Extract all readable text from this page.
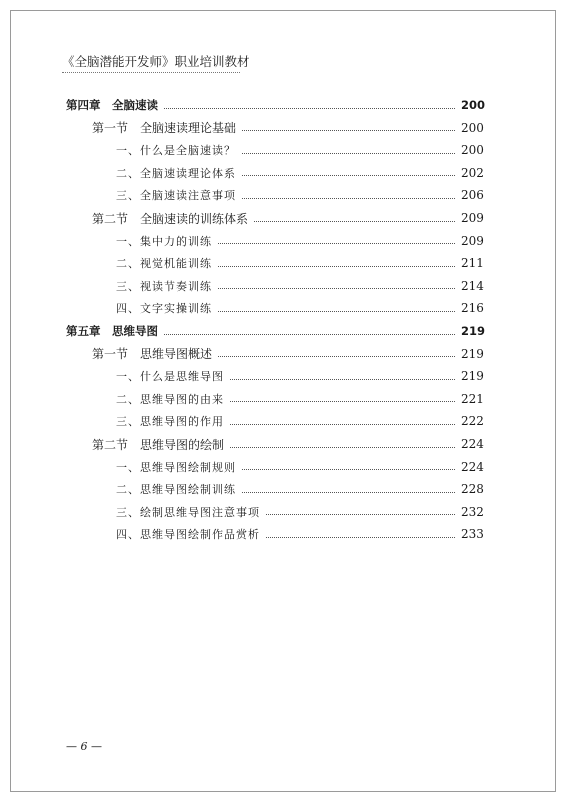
《全脑潜能开发师》职业培训教材
第四章　全脑速读	200
第一节　全脑速读理论基础	200
一、什么是全脑速读？	200
二、全脑速读理论体系	202
三、全脑速读注意事项	206
第二节　全脑速读的训练体系	209
一、集中力的训练	209
二、视觉机能训练	211
三、视读节奏训练	214
四、文字实操训练	216
第五章　思维导图	219
第一节　思维导图概述	219
一、什么是思维导图	219
二、思维导图的由来	221
三、思维导图的作用	222
第二节　思维导图的绘制	224
一、思维导图绘制规则	224
二、思维导图绘制训练	228
三、绘制思维导图注意事项	232
四、思维导图绘制作品赏析	233
— 6 —
